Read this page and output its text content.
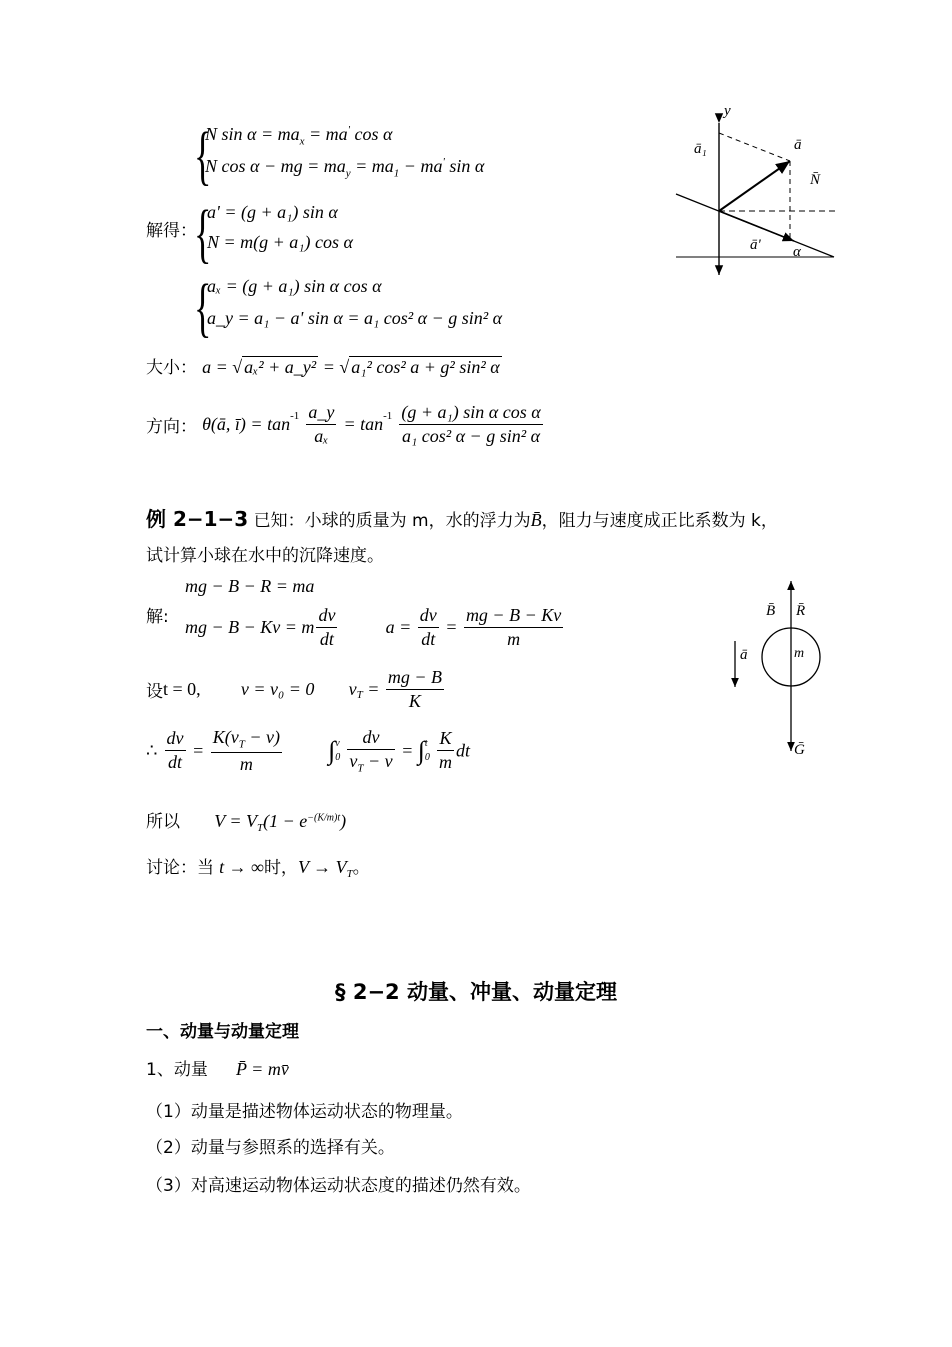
{
N $\sin \alpha = ma_x = ma'$ cos α
N cos α − mg = $ma_y = ma_1 - ma'$ sin α
解得：
{
a' = (g + a₁) sin α
N = m(g + a₁) cos α
{
aₓ = (g + a₁) sin α cos α
a_y = a₁ − a' sin α = a₁ cos² α − g sin² α
大小： a = √ aₓ² + a_y² = √ a₁² cos² a + g² sin² α
方向： θ(ā, ī) = $\tan^{-1} \frac{a\_y}{\text{aₓ}} = \tan^{-1} \frac{\text{(g + a₁) sin α cos α}}{\text{a₁ cos² α − g sin² α}}$
y
ā₁	ā
N̄
ā' α
例 2−1−3 已知：小球的质量为 m，水的浮力为B̄，阻力与速度成正比系数为 k，
试计算小球在水中的沉降速度。
mg − B − R = ma
解: mg − B − Kv = m $\frac{dv}{dt}$	$a = \frac{dv}{dt} = \frac{mg - B - Kv}{m}$
设t = 0, v = v₀ = 0 $v_T = \frac{mg - B}{K}$
∴ $\frac{dv}{dt} = \frac{K(v_T - v)}{m}$ ∫ v
0
$\frac{dv}{v_T - v}$ = ∫ t
0
$\frac{K}{m}$ dt
所以 $V = V_T(1 - e^{-(K/m)t})$
讨论：当 t → ∞时，$V \to V_T$。
B̄ R̄
ā	m
Ḡ
§ 2−2 动量、冲量、动量定理
一、动量与动量定理
1、动量 P̄ = mv̄
（1）动量是描述物体运动状态的物理量。
（2）动量与参照系的选择有关。
（3）对高速运动物体运动状态度的描述仍然有效。
